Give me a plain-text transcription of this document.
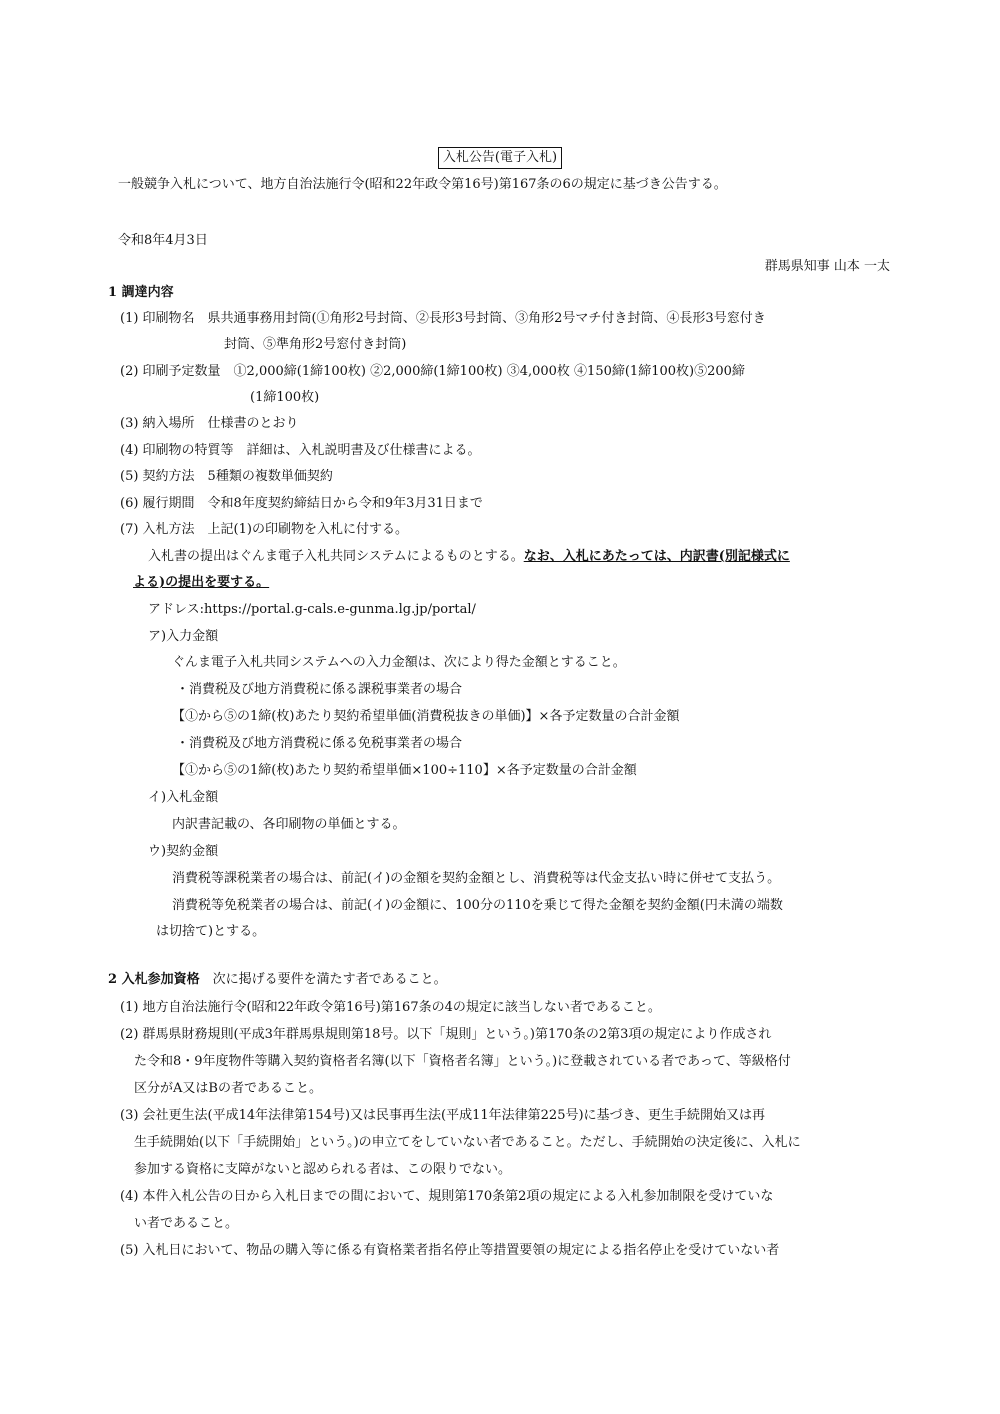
入札公告(電子入札)
一般競争入札について、地方自治法施行令(昭和22年政令第16号)第167条の6の規定に基づき公告する。
令和8年4月3日
群馬県知事 山本 一太
1 調達内容
(1) 印刷物名　県共通事務用封筒(①角形2号封筒、②長形3号封筒、③角形2号マチ付き封筒、④長形3号窓付き
封筒、⑤準角形2号窓付き封筒)
(2) 印刷予定数量　①2,000締(1締100枚) ②2,000締(1締100枚) ③4,000枚 ④150締(1締100枚)⑤200締
(1締100枚)
(3) 納入場所　仕様書のとおり
(4) 印刷物の特質等　詳細は、入札説明書及び仕様書による。
(5) 契約方法　5種類の複数単価契約
(6) 履行期間　令和8年度契約締結日から令和9年3月31日まで
(7) 入札方法　上記(1)の印刷物を入札に付する。
入札書の提出はぐんま電子入札共同システムによるものとする。なお、入札にあたっては、内訳書(別記様式に
よる)の提出を要する。
アドレス:https://portal.g-cals.e-gunma.lg.jp/portal/
ア)入力金額
ぐんま電子入札共同システムへの入力金額は、次により得た金額とすること。
・消費税及び地方消費税に係る課税事業者の場合
【①から⑤の1締(枚)あたり契約希望単価(消費税抜きの単価)】×各予定数量の合計金額
・消費税及び地方消費税に係る免税事業者の場合
【①から⑤の1締(枚)あたり契約希望単価×100÷110】×各予定数量の合計金額
イ)入札金額
内訳書記載の、各印刷物の単価とする。
ウ)契約金額
消費税等課税業者の場合は、前記(イ)の金額を契約金額とし、消費税等は代金支払い時に併せて支払う。
消費税等免税業者の場合は、前記(イ)の金額に、100分の110を乗じて得た金額を契約金額(円未満の端数
は切捨て)とする。
2 入札参加資格　次に掲げる要件を満たす者であること。
(1) 地方自治法施行令(昭和22年政令第16号)第167条の4の規定に該当しない者であること。
(2) 群馬県財務規則(平成3年群馬県規則第18号。以下「規則」という。)第170条の2第3項の規定により作成され
た令和8・9年度物件等購入契約資格者名簿(以下「資格者名簿」という。)に登載されている者であって、等級格付
区分がA又はBの者であること。
(3) 会社更生法(平成14年法律第154号)又は民事再生法(平成11年法律第225号)に基づき、更生手続開始又は再
生手続開始(以下「手続開始」という。)の申立てをしていない者であること。ただし、手続開始の決定後に、入札に
参加する資格に支障がないと認められる者は、この限りでない。
(4) 本件入札公告の日から入札日までの間において、規則第170条第2項の規定による入札参加制限を受けていな
い者であること。
(5) 入札日において、物品の購入等に係る有資格業者指名停止等措置要領の規定による指名停止を受けていない者
